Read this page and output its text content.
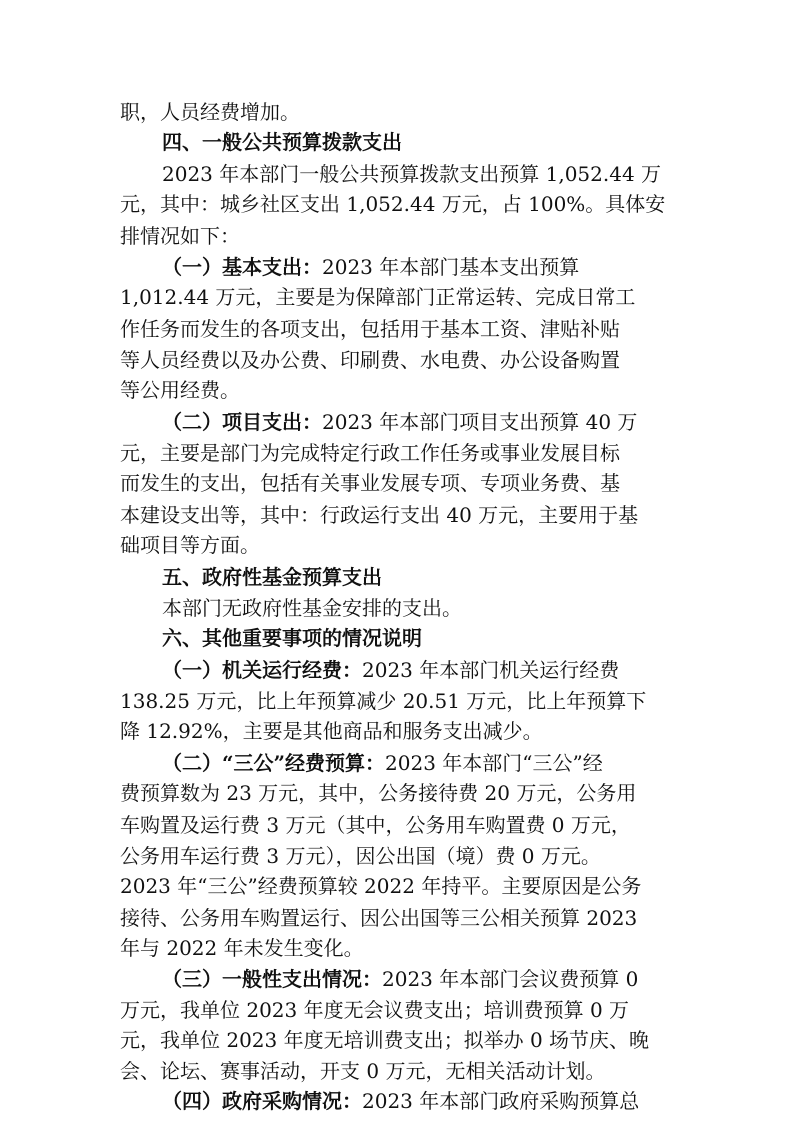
职，人员经费增加。
四、一般公共预算拨款支出
2023 年本部门一般公共预算拨款支出预算 1,052.44 万
元，其中：城乡社区支出 1,052.44 万元，占 100%。具体安
排情况如下：
（一）基本支出：2023 年本部门基本支出预算
1,012.44 万元，主要是为保障部门正常运转、完成日常工
作任务而发生的各项支出，包括用于基本工资、津贴补贴
等人员经费以及办公费、印刷费、水电费、办公设备购置
等公用经费。
（二）项目支出：2023 年本部门项目支出预算 40 万
元，主要是部门为完成特定行政工作任务或事业发展目标
而发生的支出，包括有关事业发展专项、专项业务费、基
本建设支出等，其中：行政运行支出 40 万元，主要用于基
础项目等方面。
五、政府性基金预算支出
本部门无政府性基金安排的支出。
六、其他重要事项的情况说明
（一）机关运行经费：2023 年本部门机关运行经费
138.25 万元，比上年预算减少 20.51 万元，比上年预算下
降 12.92%，主要是其他商品和服务支出减少。
（二）“三公”经费预算：2023 年本部门“三公”经
费预算数为 23 万元，其中，公务接待费 20 万元，公务用
车购置及运行费 3 万元（其中，公务用车购置费 0 万元，
公务用车运行费 3 万元），因公出国（境）费 0 万元。
2023 年“三公”经费预算较 2022 年持平。主要原因是公务
接待、公务用车购置运行、因公出国等三公相关预算 2023
年与 2022 年未发生变化。
（三）一般性支出情况：2023 年本部门会议费预算 0
万元，我单位 2023 年度无会议费支出；培训费预算 0 万
元，我单位 2023 年度无培训费支出；拟举办 0 场节庆、晚
会、论坛、赛事活动，开支 0 万元，无相关活动计划。
（四）政府采购情况：2023 年本部门政府采购预算总
